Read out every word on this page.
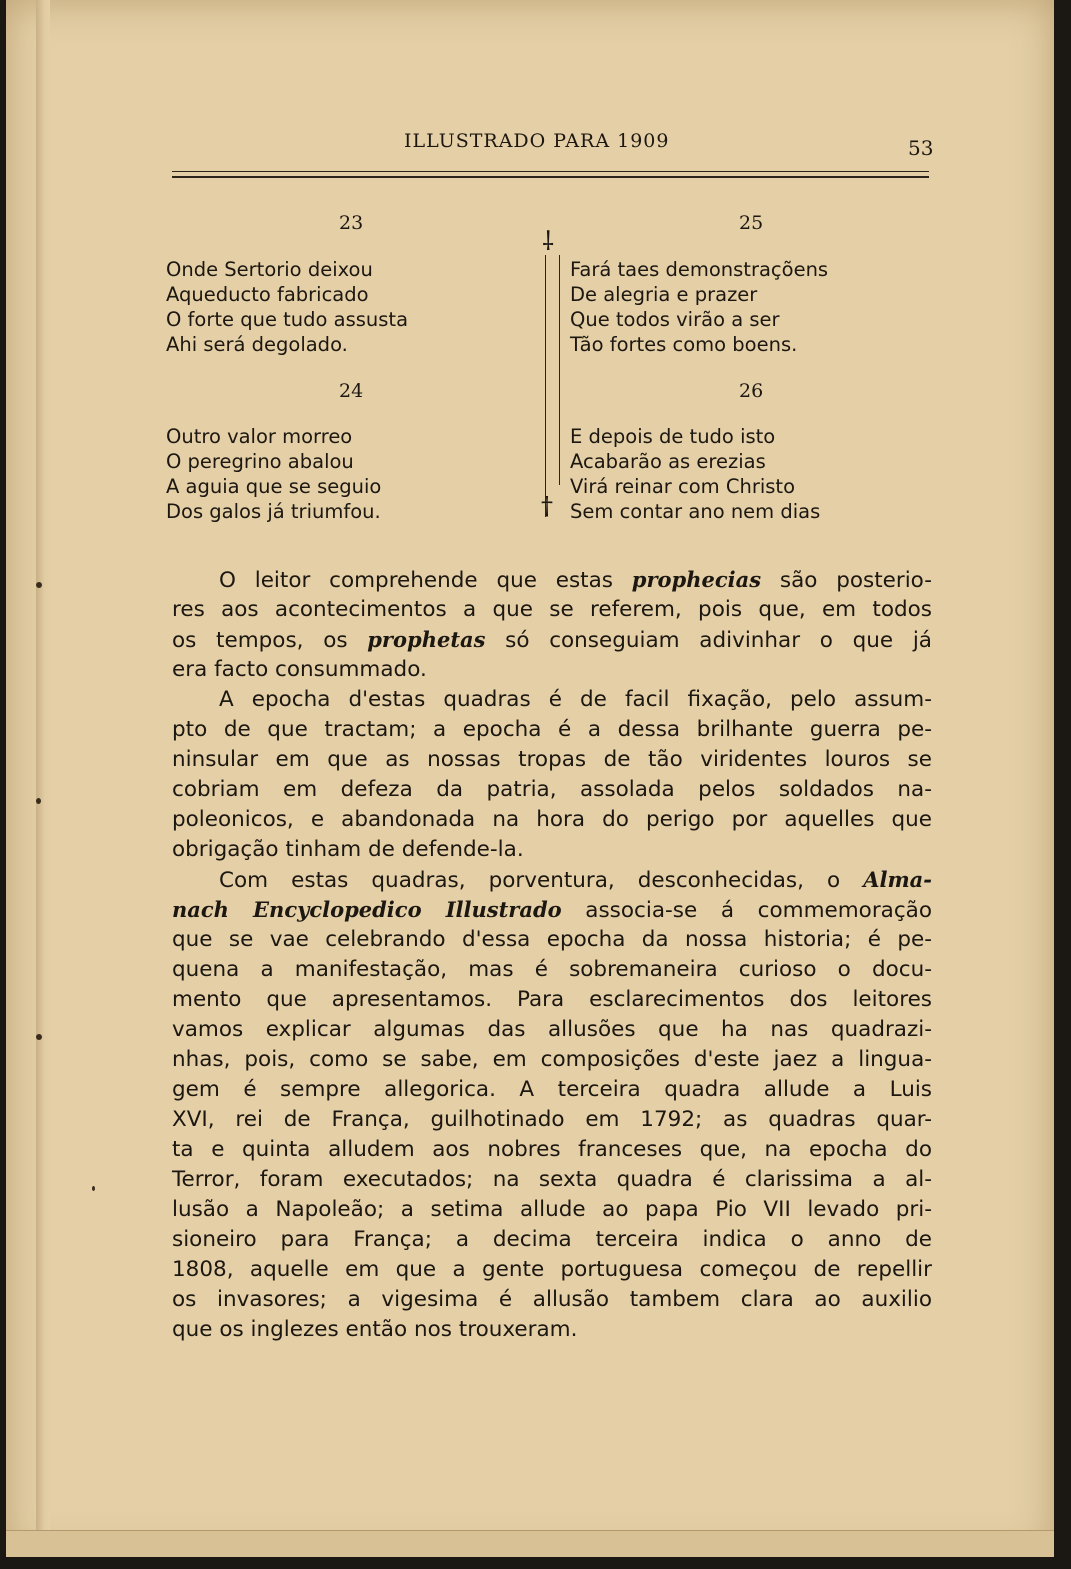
ILLUSTRADO PARA 1909	53
⸸
†
23
Onde Sertorio deixou
Aqueducto fabricado
O forte que tudo assusta
Ahi será degolado.
24
Outro valor morreo
O peregrino abalou
A aguia que se seguio
Dos galos já triumfou.
25
Fará taes demonstraçõens
De alegria e prazer
Que todos virão a ser
Tão fortes como boens.
26
E depois de tudo isto
Acabarão as erezias
Virá reinar com Christo
Sem contar ano nem dias
O leitor comprehende que estas prophecias são posterio-
res aos acontecimentos a que se referem, pois que, em todos
os tempos, os prophetas só conseguiam adivinhar o que já
era facto consummado.
A epocha d'estas quadras é de facil fixação, pelo assum-
pto de que tractam; a epocha é a dessa brilhante guerra pe-
ninsular em que as nossas tropas de tão viridentes louros se
cobriam em defeza da patria, assolada pelos soldados na-
poleonicos, e abandonada na hora do perigo por aquelles que
obrigação tinham de defende-la.
Com estas quadras, porventura, desconhecidas, o Alma-
nach Encyclopedico Illustrado associa-se á commemoração
que se vae celebrando d'essa epocha da nossa historia; é pe-
quena a manifestação, mas é sobremaneira curioso o docu-
mento que apresentamos. Para esclarecimentos dos leitores
vamos explicar algumas das allusões que ha nas quadrazi-
nhas, pois, como se sabe, em composições d'este jaez a lingua-
gem é sempre allegorica. A terceira quadra allude a Luis
XVI, rei de França, guilhotinado em 1792; as quadras quar-
ta e quinta alludem aos nobres franceses que, na epocha do
Terror, foram executados; na sexta quadra é clarissima a al-
lusão a Napoleão; a setima allude ao papa Pio VII levado pri-
sioneiro para França; a decima terceira indica o anno de
1808, aquelle em que a gente portuguesa começou de repellir
os invasores; a vigesima é allusão tambem clara ao auxilio
que os inglezes então nos trouxeram.
